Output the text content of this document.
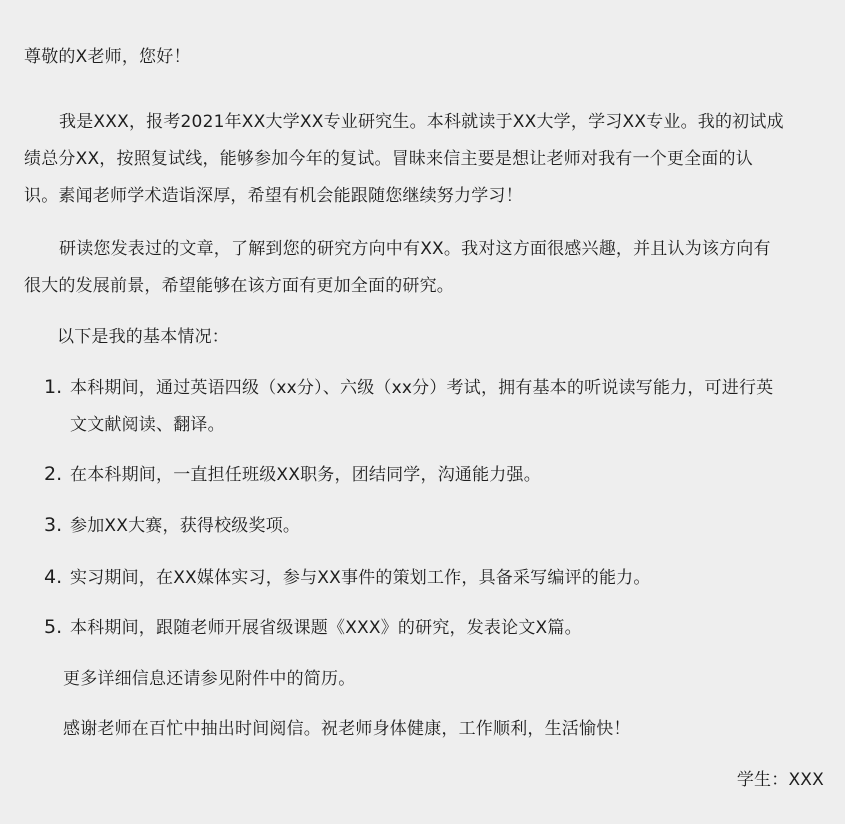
尊敬的X老师，您好！
我是XXX，报考2021年XX大学XX专业研究生。本科就读于XX大学，学习XX专业。我的初试成
绩总分XX，按照复试线，能够参加今年的复试。冒昧来信主要是想让老师对我有一个更全面的认
识。素闻老师学术造诣深厚，希望有机会能跟随您继续努力学习！
研读您发表过的文章，了解到您的研究方向中有XX。我对这方面很感兴趣，并且认为该方向有
很大的发展前景，希望能够在该方面有更加全面的研究。
以下是我的基本情况：
1. 本科期间，通过英语四级（xx分）、六级（xx分）考试，拥有基本的听说读写能力，可进行英
文文献阅读、翻译。
2. 在本科期间，一直担任班级XX职务，团结同学，沟通能力强。
3. 参加XX大赛，获得校级奖项。
4. 实习期间，在XX媒体实习，参与XX事件的策划工作，具备采写编评的能力。
5. 本科期间，跟随老师开展省级课题《XXX》的研究，发表论文X篇。
更多详细信息还请参见附件中的简历。
感谢老师在百忙中抽出时间阅信。祝老师身体健康，工作顺利，生活愉快！
学生：XXX
